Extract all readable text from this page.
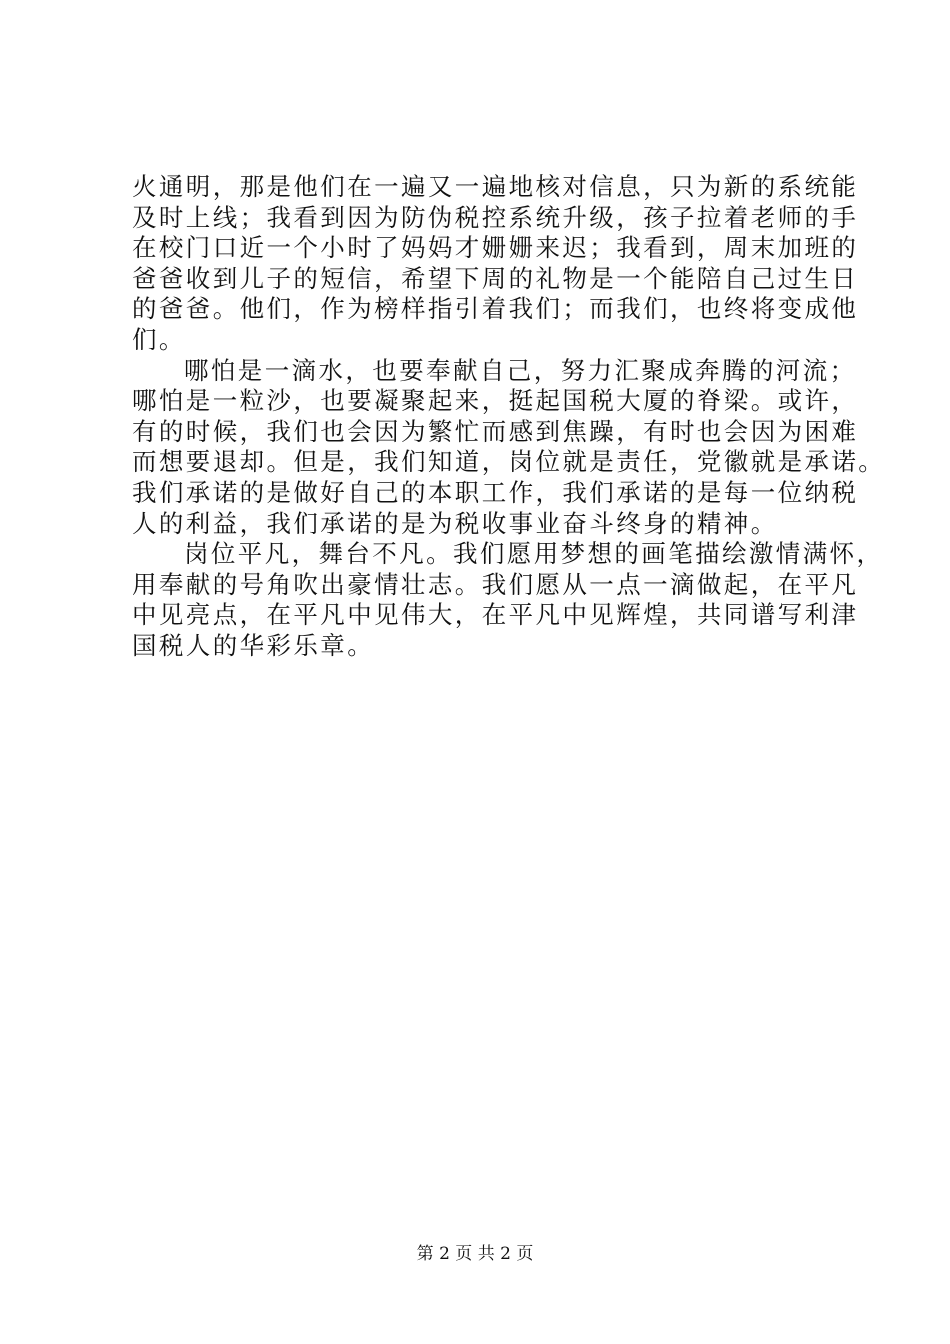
火通明，那是他们在一遍又一遍地核对信息，只为新的系统能
及时上线；我看到因为防伪税控系统升级，孩子拉着老师的手
在校门口近一个小时了妈妈才姗姗来迟；我看到，周末加班的
爸爸收到儿子的短信，希望下周的礼物是一个能陪自己过生日
的爸爸。他们，作为榜样指引着我们；而我们，也终将变成他
们。
哪怕是一滴水，也要奉献自己，努力汇聚成奔腾的河流；
哪怕是一粒沙，也要凝聚起来，挺起国税大厦的脊梁。或许，
有的时候，我们也会因为繁忙而感到焦躁，有时也会因为困难
而想要退却。但是，我们知道，岗位就是责任，党徽就是承诺。
我们承诺的是做好自己的本职工作，我们承诺的是每一位纳税
人的利益，我们承诺的是为税收事业奋斗终身的精神。
岗位平凡，舞台不凡。我们愿用梦想的画笔描绘激情满怀，
用奉献的号角吹出豪情壮志。我们愿从一点一滴做起，在平凡
中见亮点，在平凡中见伟大，在平凡中见辉煌，共同谱写利津
国税人的华彩乐章。
第 2 页 共 2 页
